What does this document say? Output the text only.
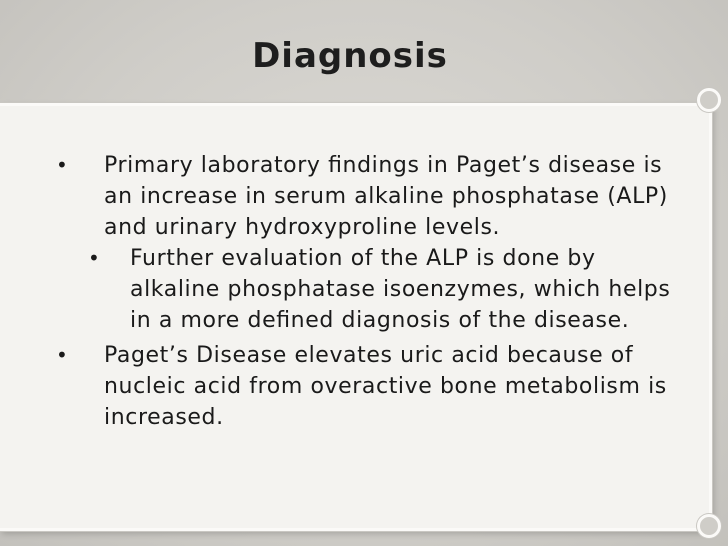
Diagnosis
• Primary laboratory ﬁndings in Paget’s disease is
an increase in serum alkaline phosphatase (ALP)
and urinary hydroxyproline levels.
• Further evaluation of the ALP is done by
alkaline phosphatase isoenzymes, which helps
in a more deﬁned diagnosis of the disease.
• Paget’s Disease elevates uric acid because of
nucleic acid from overactive bone metabolism is
increased.
